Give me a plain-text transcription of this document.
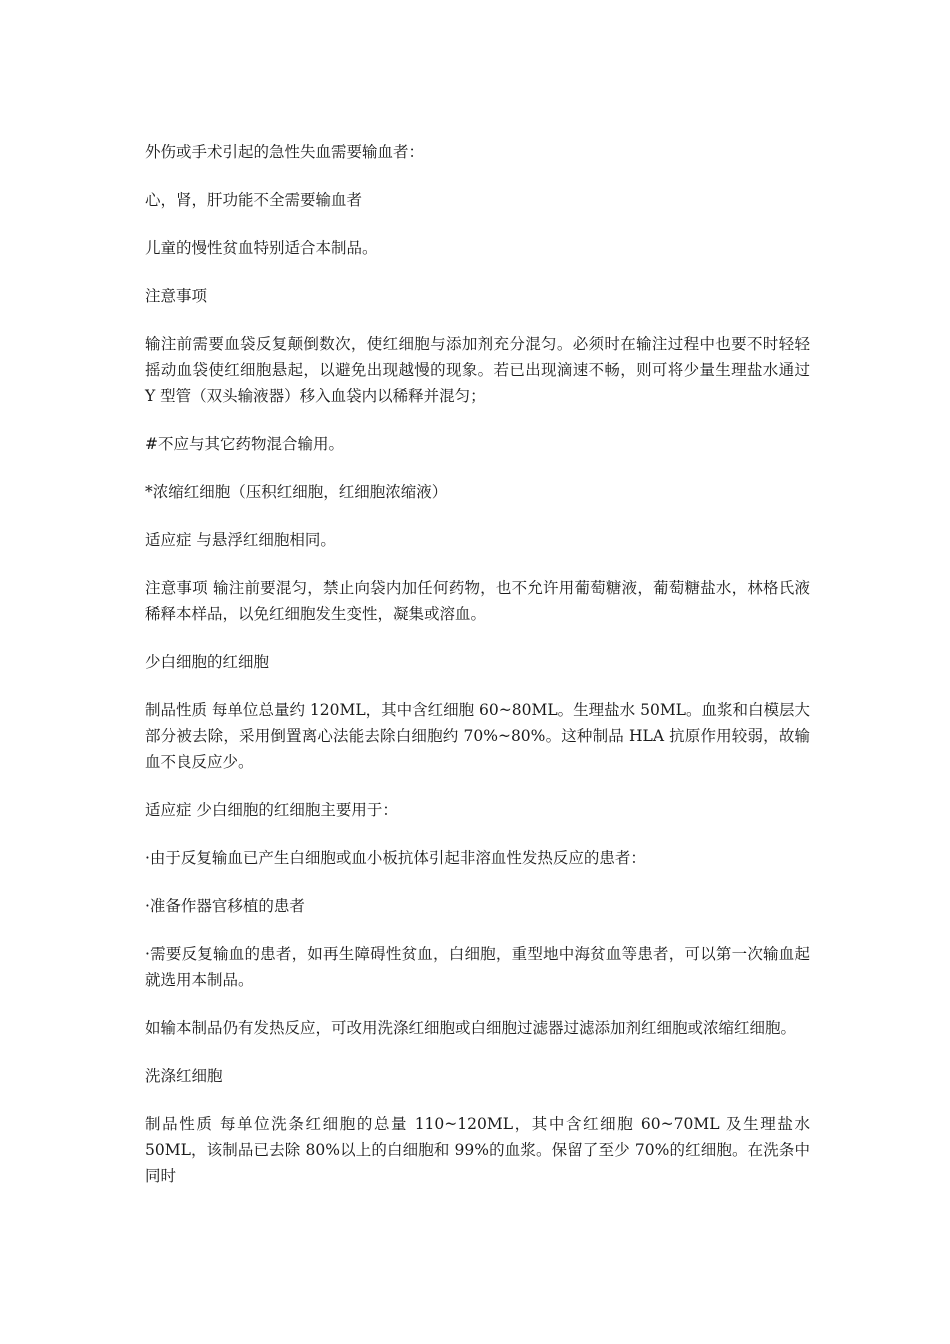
外伤或手术引起的急性失血需要输血者：

心，肾，肝功能不全需要输血者

儿童的慢性贫血特别适合本制品。

注意事项

输注前需要血袋反复颠倒数次，使红细胞与添加剂充分混匀。必须时在输注过程中也要不时轻轻摇动血袋使红细胞悬起，以避免出现越慢的现象。若已出现滴速不畅，则可将少量生理盐水通过 Y 型管（双头输液器）移入血袋内以稀释并混匀；

#不应与其它药物混合输用。

*浓缩红细胞（压积红细胞，红细胞浓缩液）

适应症 与悬浮红细胞相同。

注意事项 输注前要混匀，禁止向袋内加任何药物，也不允许用葡萄糖液，葡萄糖盐水，林格氏液稀释本样品，以免红细胞发生变性，凝集或溶血。

少白细胞的红细胞

制品性质 每单位总量约 120ML，其中含红细胞 60~80ML。生理盐水 50ML。血浆和白模层大部分被去除，采用倒置离心法能去除白细胞约 70%~80%。这种制品 HLA 抗原作用较弱，故输血不良反应少。

适应症 少白细胞的红细胞主要用于：

·由于反复输血已产生白细胞或血小板抗体引起非溶血性发热反应的患者：

·准备作器官移植的患者

·需要反复输血的患者，如再生障碍性贫血，白细胞，重型地中海贫血等患者，可以第一次输血起就选用本制品。

如输本制品仍有发热反应，可改用洗涤红细胞或白细胞过滤器过滤添加剂红细胞或浓缩红细胞。

洗涤红细胞

制品性质 每单位洗条红细胞的总量 110~120ML，其中含红细胞 60~70ML 及生理盐水 50ML，该制品已去除 80%以上的白细胞和 99%的血浆。保留了至少 70%的红细胞。在洗条中同时
